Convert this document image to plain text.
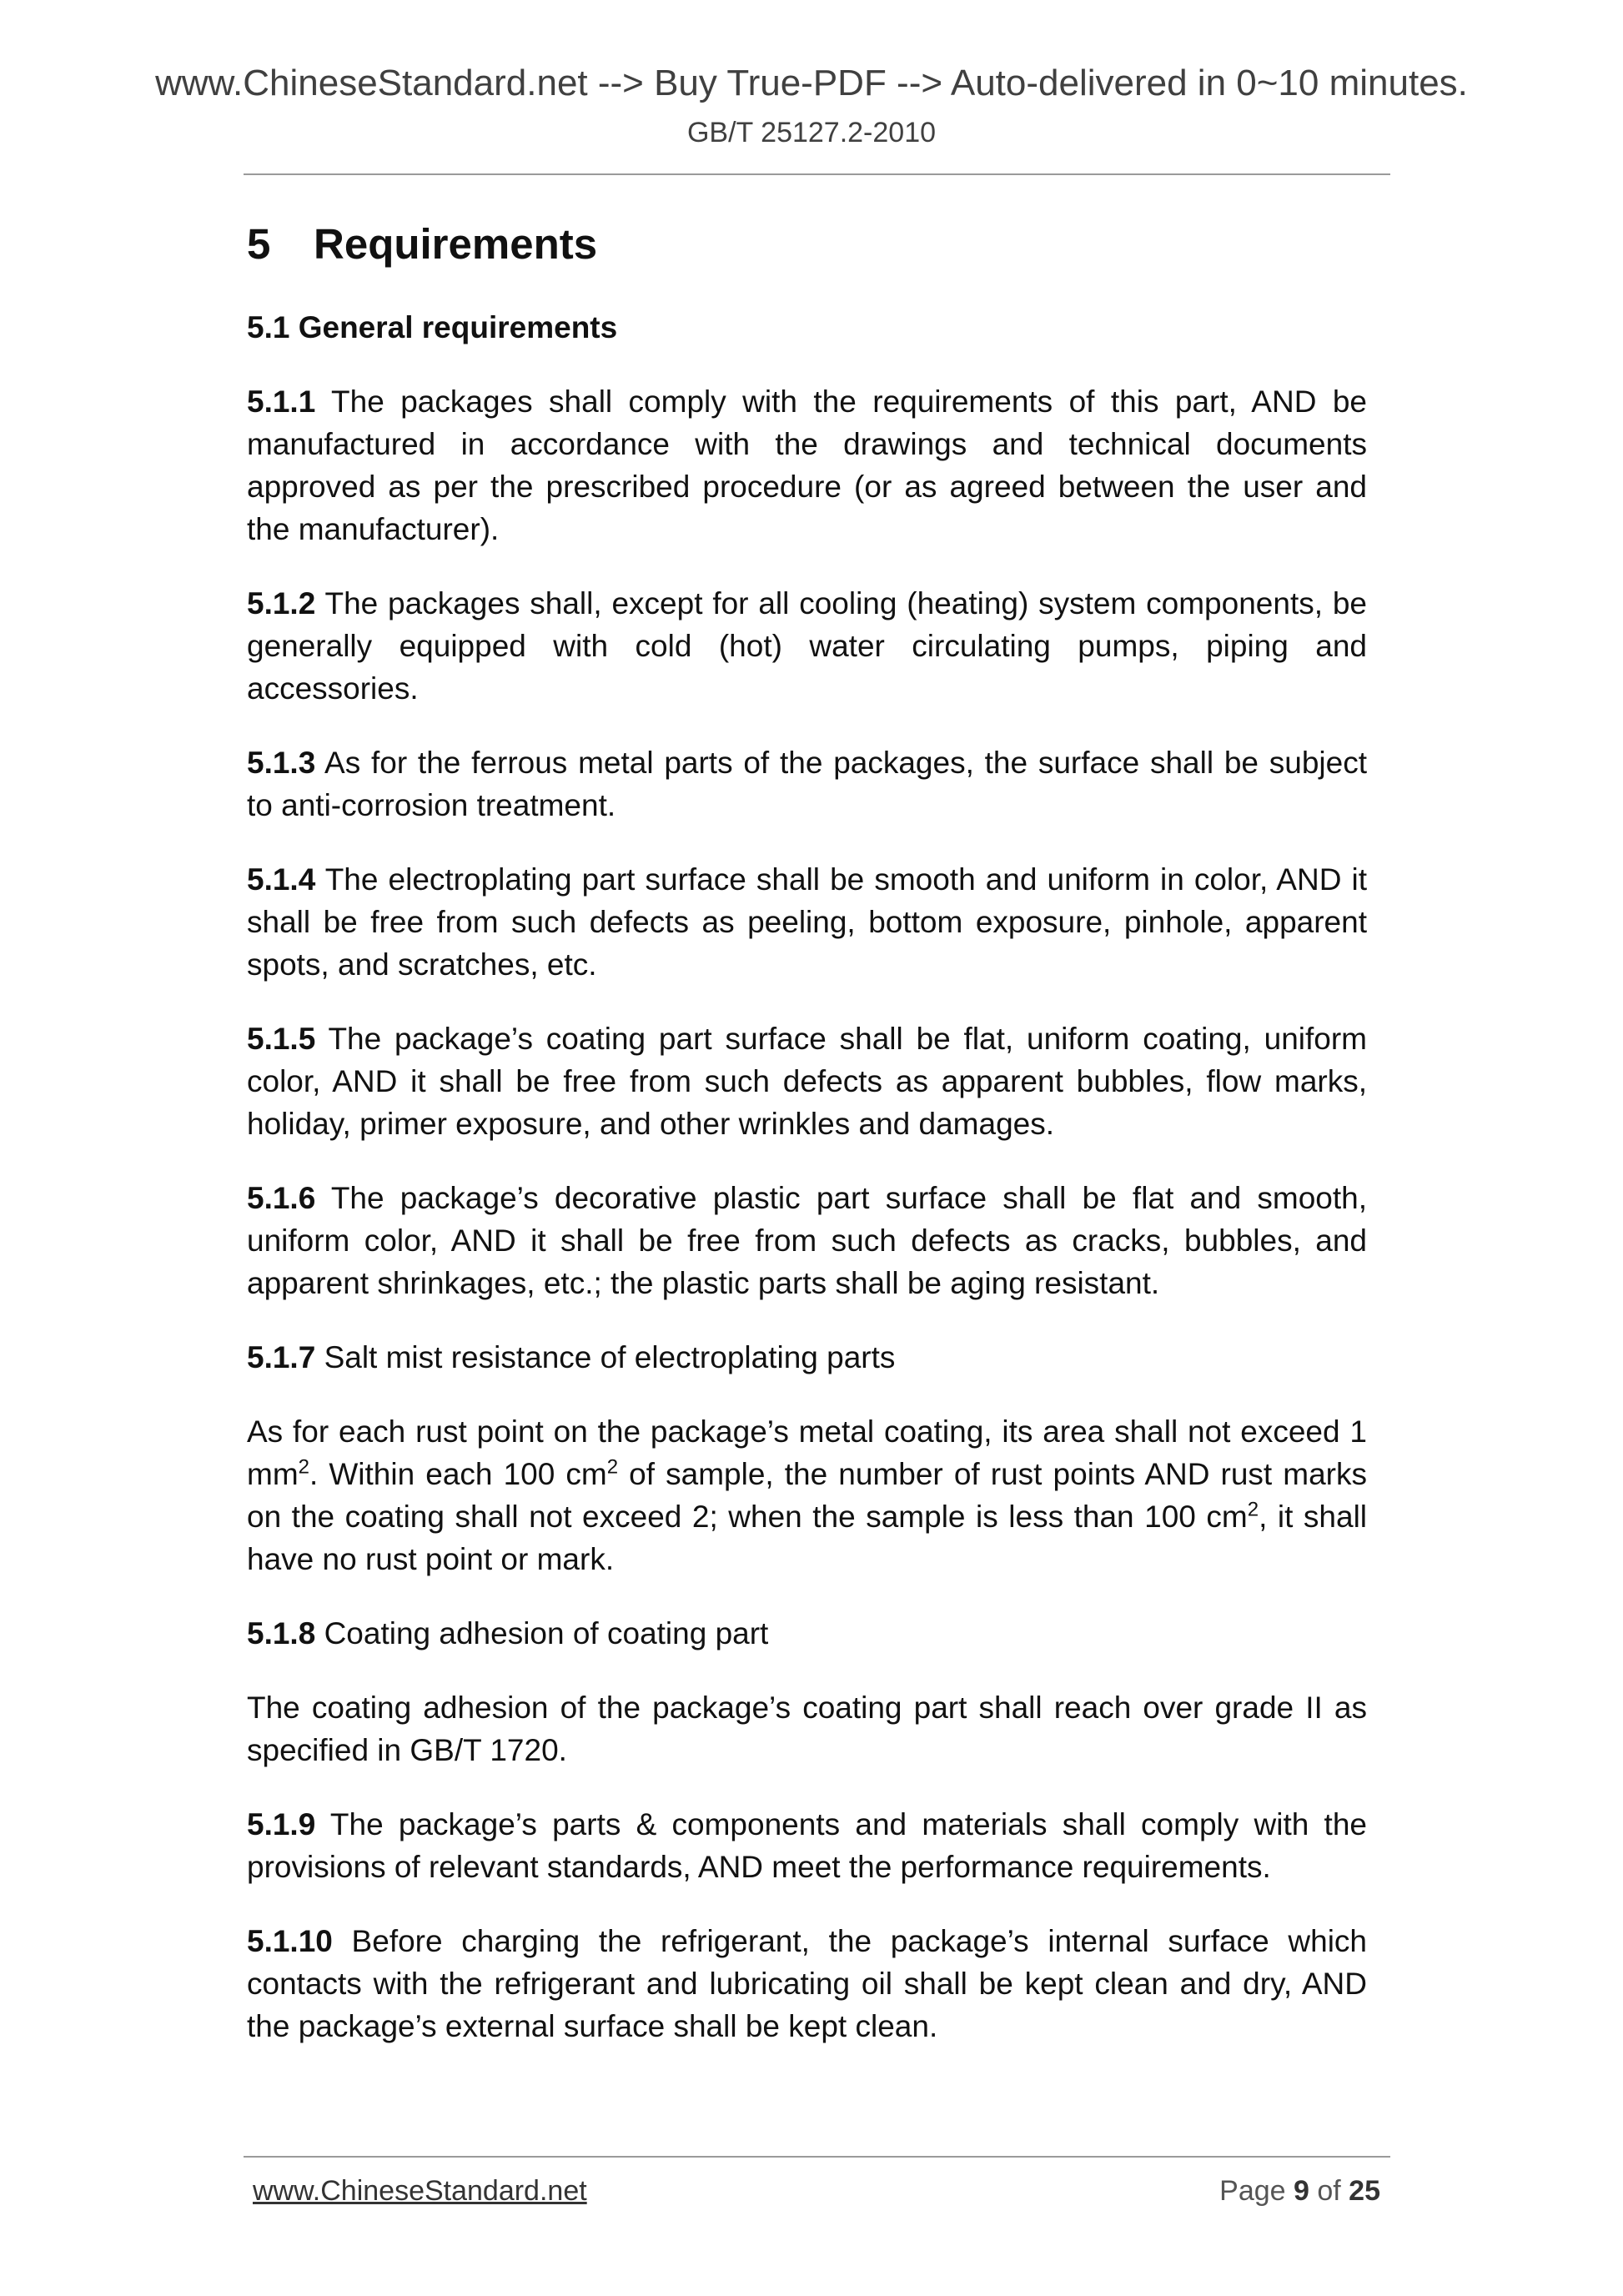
www.ChineseStandard.net --> Buy True-PDF --> Auto-delivered in 0~10 minutes.
GB/T 25127.2-2010
5 Requirements
5.1 General requirements

5.1.1 The packages shall comply with the requirements of this part, AND be manufactured in accordance with the drawings and technical documents approved as per the prescribed procedure (or as agreed between the user and the manufacturer).

5.1.2 The packages shall, except for all cooling (heating) system components, be generally equipped with cold (hot) water circulating pumps, piping and accessories.

5.1.3 As for the ferrous metal parts of the packages, the surface shall be subject to anti-corrosion treatment.

5.1.4 The electroplating part surface shall be smooth and uniform in color, AND it shall be free from such defects as peeling, bottom exposure, pinhole, apparent spots, and scratches, etc.

5.1.5 The package’s coating part surface shall be flat, uniform coating, uniform color, AND it shall be free from such defects as apparent bubbles, flow marks, holiday, primer exposure, and other wrinkles and damages.

5.1.6 The package’s decorative plastic part surface shall be flat and smooth, uniform color, AND it shall be free from such defects as cracks, bubbles, and apparent shrinkages, etc.; the plastic parts shall be aging resistant.

5.1.7 Salt mist resistance of electroplating parts

As for each rust point on the package’s metal coating, its area shall not exceed 1 $mm^2$. Within each 100 $cm^2$ of sample, the number of rust points AND rust marks on the coating shall not exceed 2; when the sample is less than 100 $cm^2$, it shall have no rust point or mark.

5.1.8 Coating adhesion of coating part

The coating adhesion of the package’s coating part shall reach over grade II as specified in GB/T 1720.

5.1.9 The package’s parts & components and materials shall comply with the provisions of relevant standards, AND meet the performance requirements.

5.1.10 Before charging the refrigerant, the package’s internal surface which contacts with the refrigerant and lubricating oil shall be kept clean and dry, AND the package’s external surface shall be kept clean.

www.ChineseStandard.net	Page 9 of 25
